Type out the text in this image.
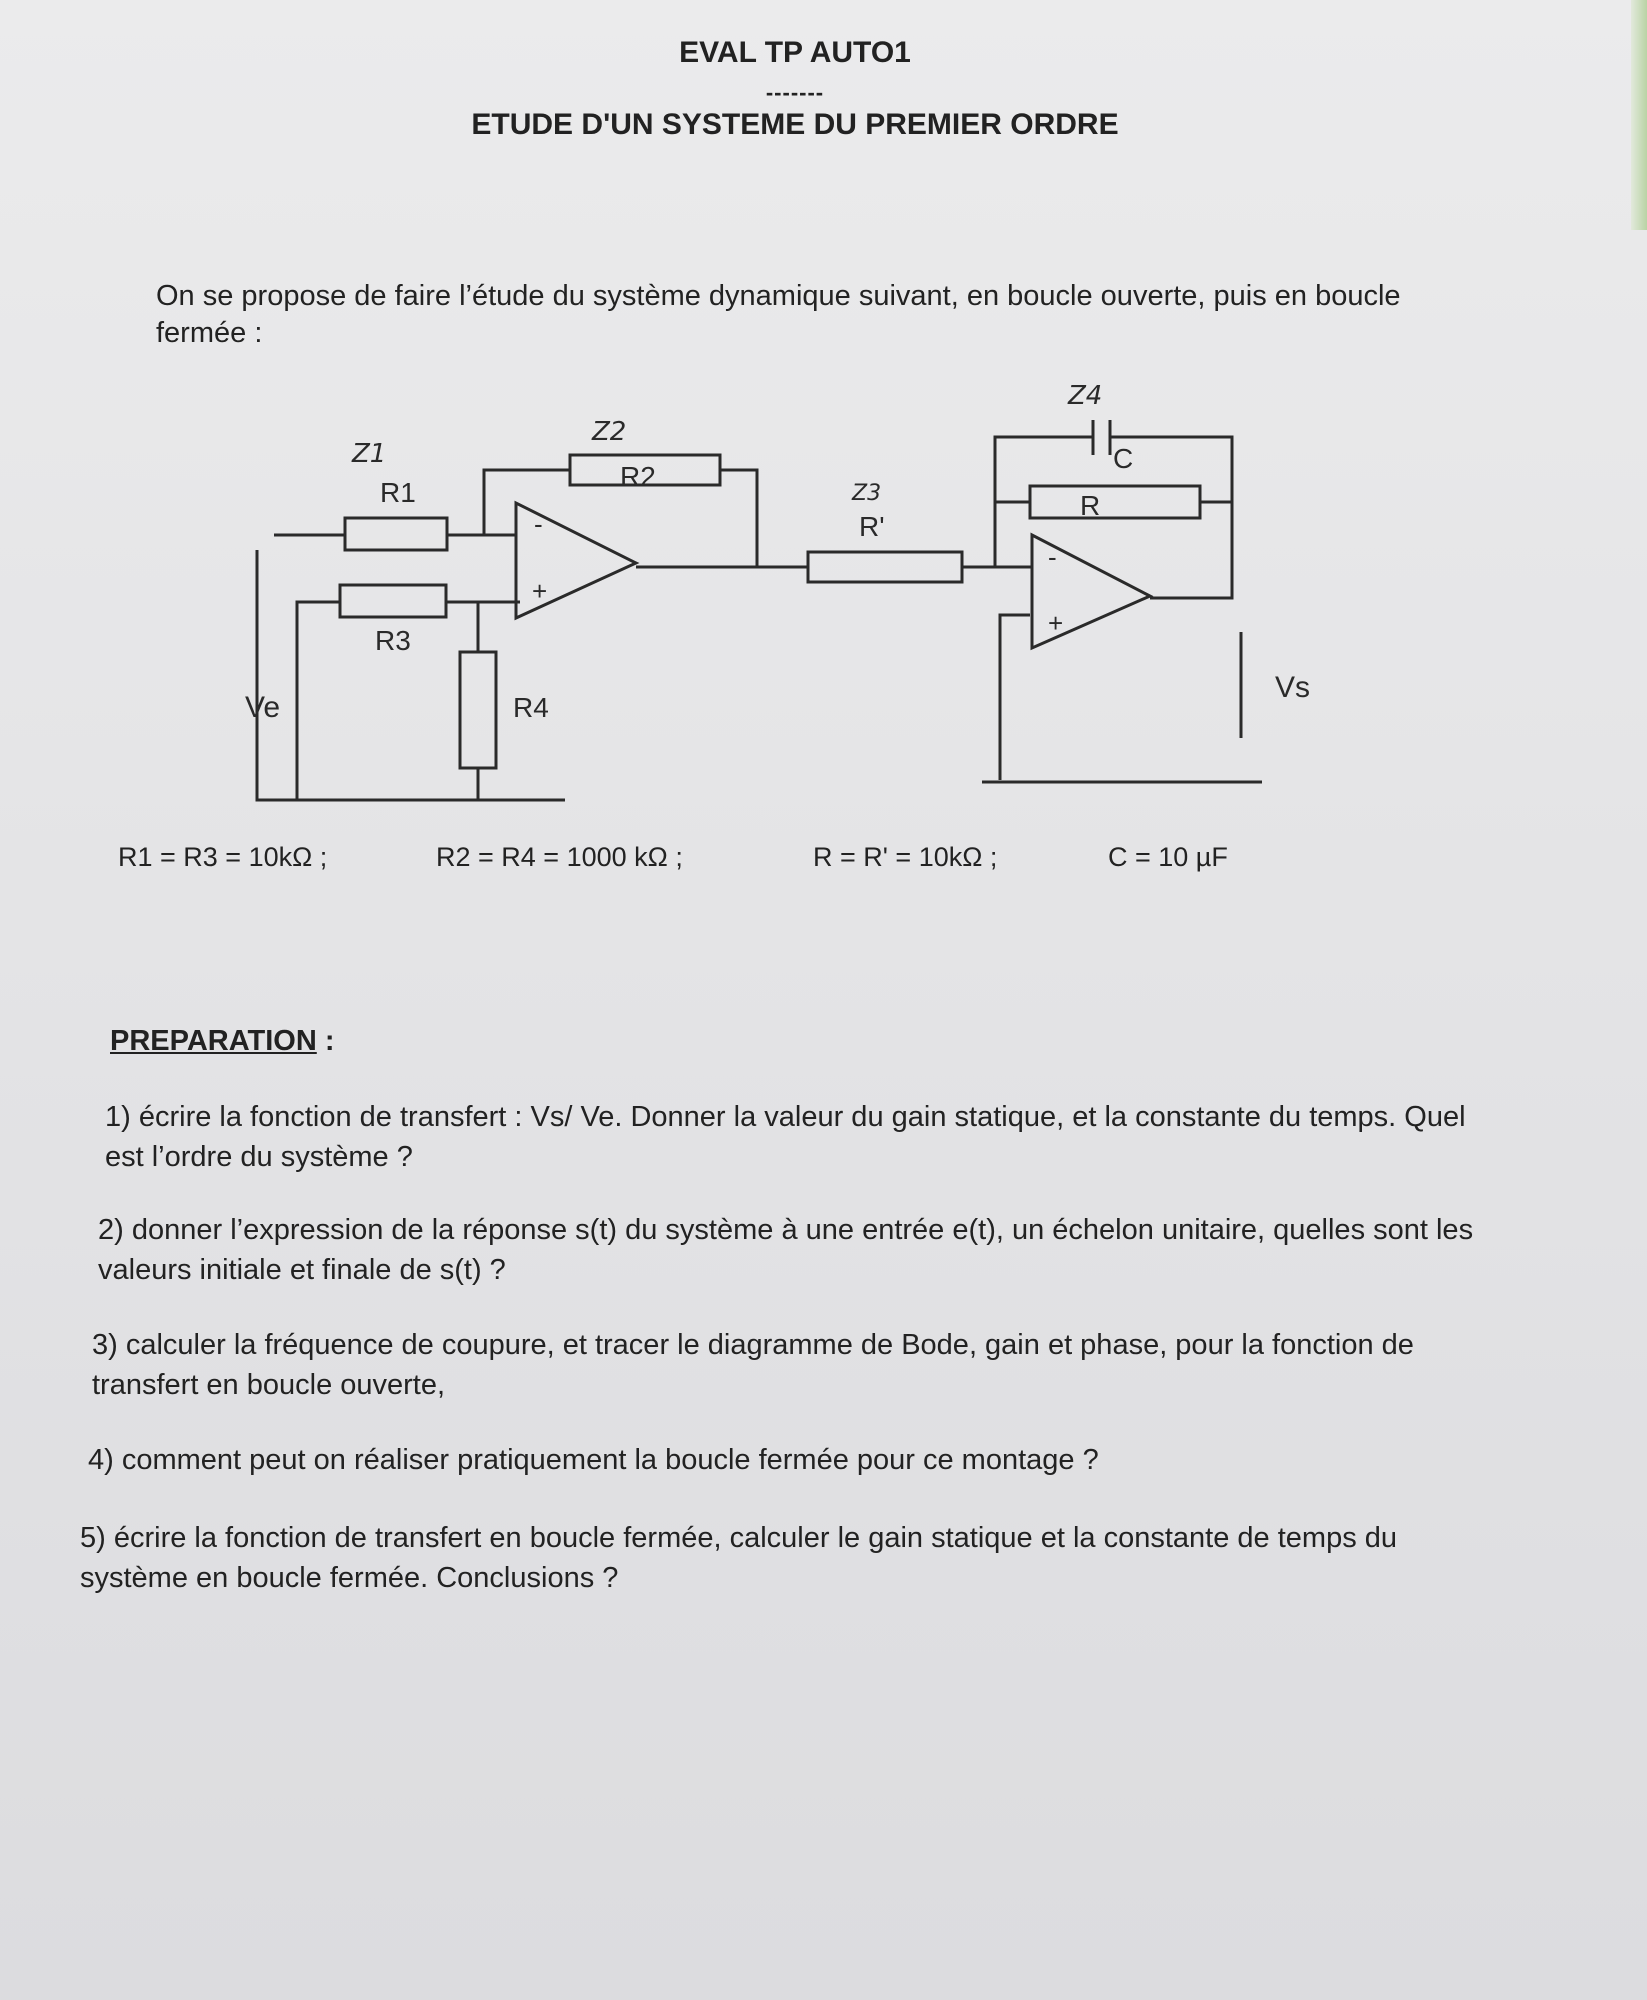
EVAL TP AUTO1
-------
ETUDE D'UN SYSTEME DU PREMIER ORDRE
On se propose de faire l’étude du système dynamique suivant, en boucle ouverte, puis en boucle fermée :
R1
R2
R3
R4
R'
C
R
Ve
Vs
-
+
-
+
Z1
Z2
Z3
Z4
R1 = R3 = 10kΩ ;	R2 = R4 = 1000 kΩ ;	R = R' = 10kΩ ;	C = 10 µF
PREPARATION :
1) écrire la fonction de transfert : Vs/ Ve. Donner la valeur du gain statique, et la constante du temps. Quel est l’ordre du système ?
2) donner l’expression de la réponse s(t) du système à une entrée e(t), un échelon unitaire, quelles sont les valeurs initiale et finale de s(t) ?
3) calculer la fréquence de coupure, et tracer le diagramme de Bode, gain et phase, pour la fonction de transfert en boucle ouverte,
4) comment peut on réaliser pratiquement la boucle fermée pour ce montage ?
5) écrire la fonction de transfert en boucle fermée, calculer le gain statique et la constante de temps du système en boucle fermée. Conclusions ?
